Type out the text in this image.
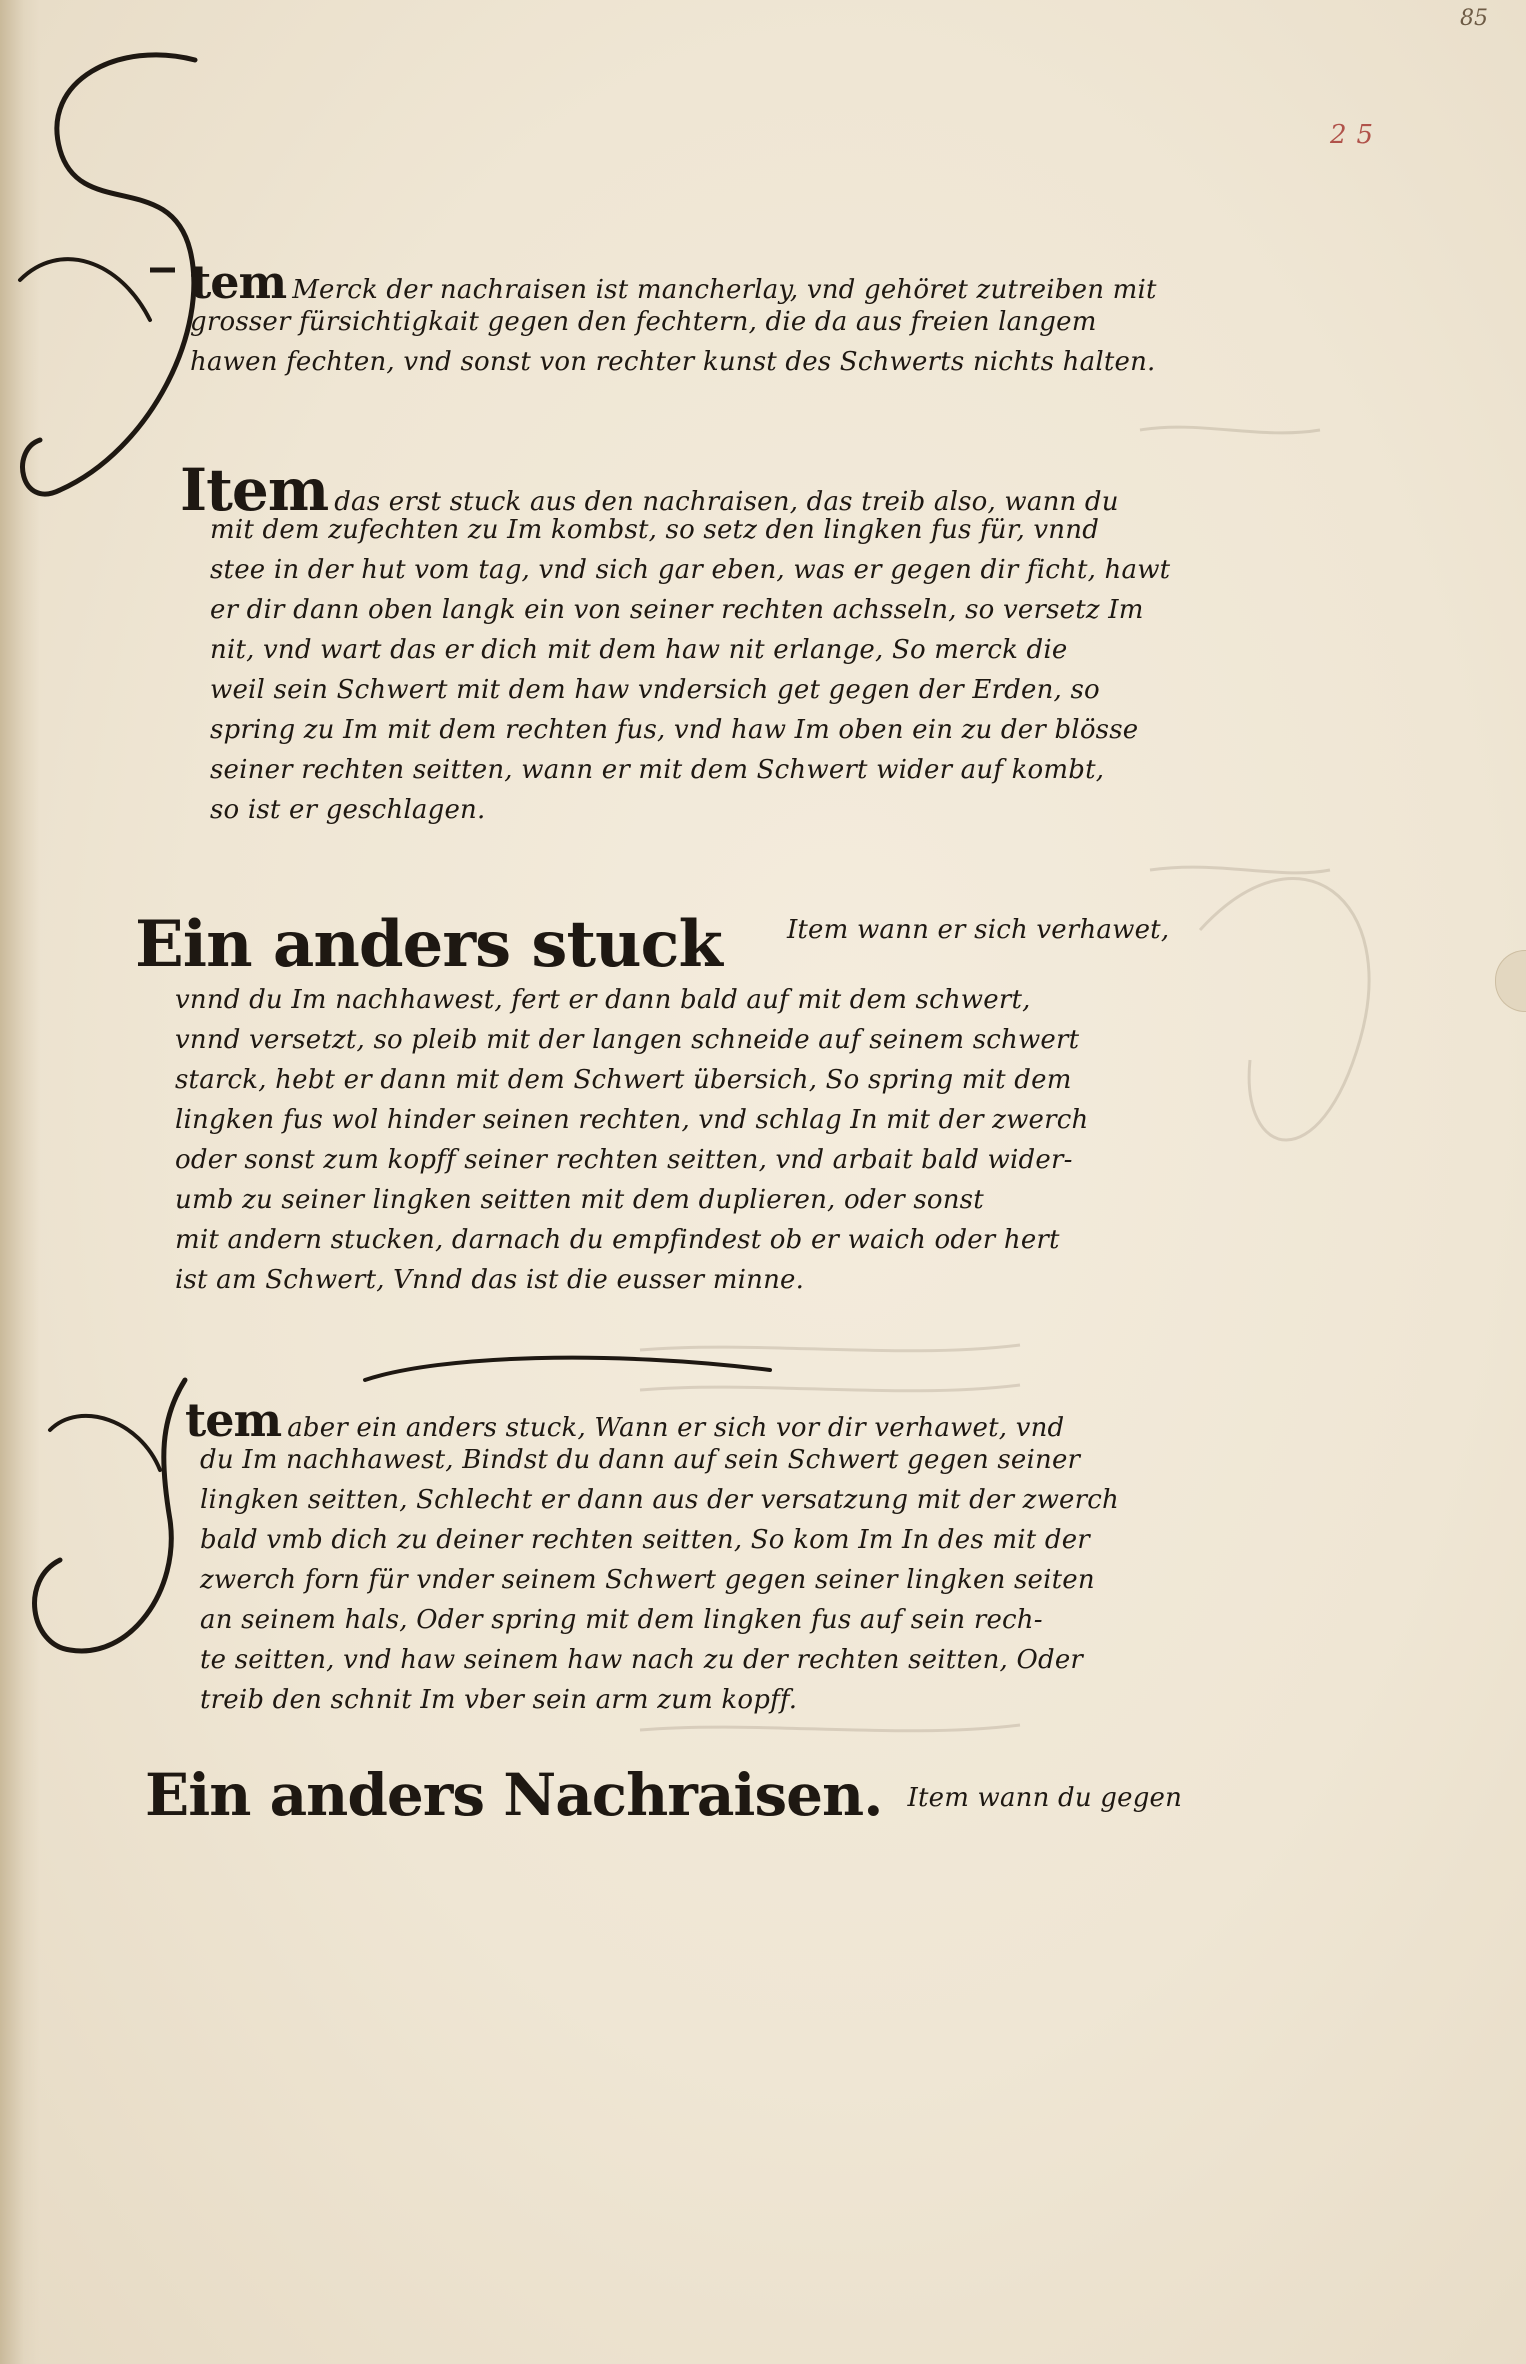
85
25
tem Merck der nachraisen ist mancherlay, vnd gehöret zutreiben mit
grosser fürsichtigkait gegen den fechtern, die da aus freien langem
hawen fechten, vnd sonst von rechter kunst des Schwerts nichts halten.
Item das erst stuck aus den nachraisen, das treib also, wann du
mit dem zufechten zu Im kombst, so setz den lingken fus für, vnnd
stee in der hut vom tag, vnd sich gar eben, was er gegen dir ficht, hawt
er dir dann oben langk ein von seiner rechten achsseln, so versetz Im
nit, vnd wart das er dich mit dem haw nit erlange, So merck die
weil sein Schwert mit dem haw vndersich get gegen der Erden, so
spring zu Im mit dem rechten fus, vnd haw Im oben ein zu der blösse
seiner rechten seitten, wann er mit dem Schwert wider auf kombt,
so ist er geschlagen.
Ein anders stuck	Item wann er sich verhawet,
vnnd du Im nachhawest, fert er dann bald auf mit dem schwert,
vnnd versetzt, so pleib mit der langen schneide auf seinem schwert
starck, hebt er dann mit dem Schwert übersich, So spring mit dem
lingken fus wol hinder seinen rechten, vnd schlag In mit der zwerch
oder sonst zum kopff seiner rechten seitten, vnd arbait bald wider-
umb zu seiner lingken seitten mit dem duplieren, oder sonst
mit andern stucken, darnach du empfindest ob er waich oder hert
ist am Schwert, Vnnd das ist die eusser minne.
tem aber ein anders stuck, Wann er sich vor dir verhawet, vnd
du Im nachhawest, Bindst du dann auf sein Schwert gegen seiner
lingken seitten, Schlecht er dann aus der versatzung mit der zwerch
bald vmb dich zu deiner rechten seitten, So kom Im In des mit der
zwerch forn für vnder seinem Schwert gegen seiner lingken seiten
an seinem hals, Oder spring mit dem lingken fus auf sein rech-
te seitten, vnd haw seinem haw nach zu der rechten seitten, Oder
treib den schnit Im vber sein arm zum kopff.
Ein anders Nachraisen. Item wann du gegen
